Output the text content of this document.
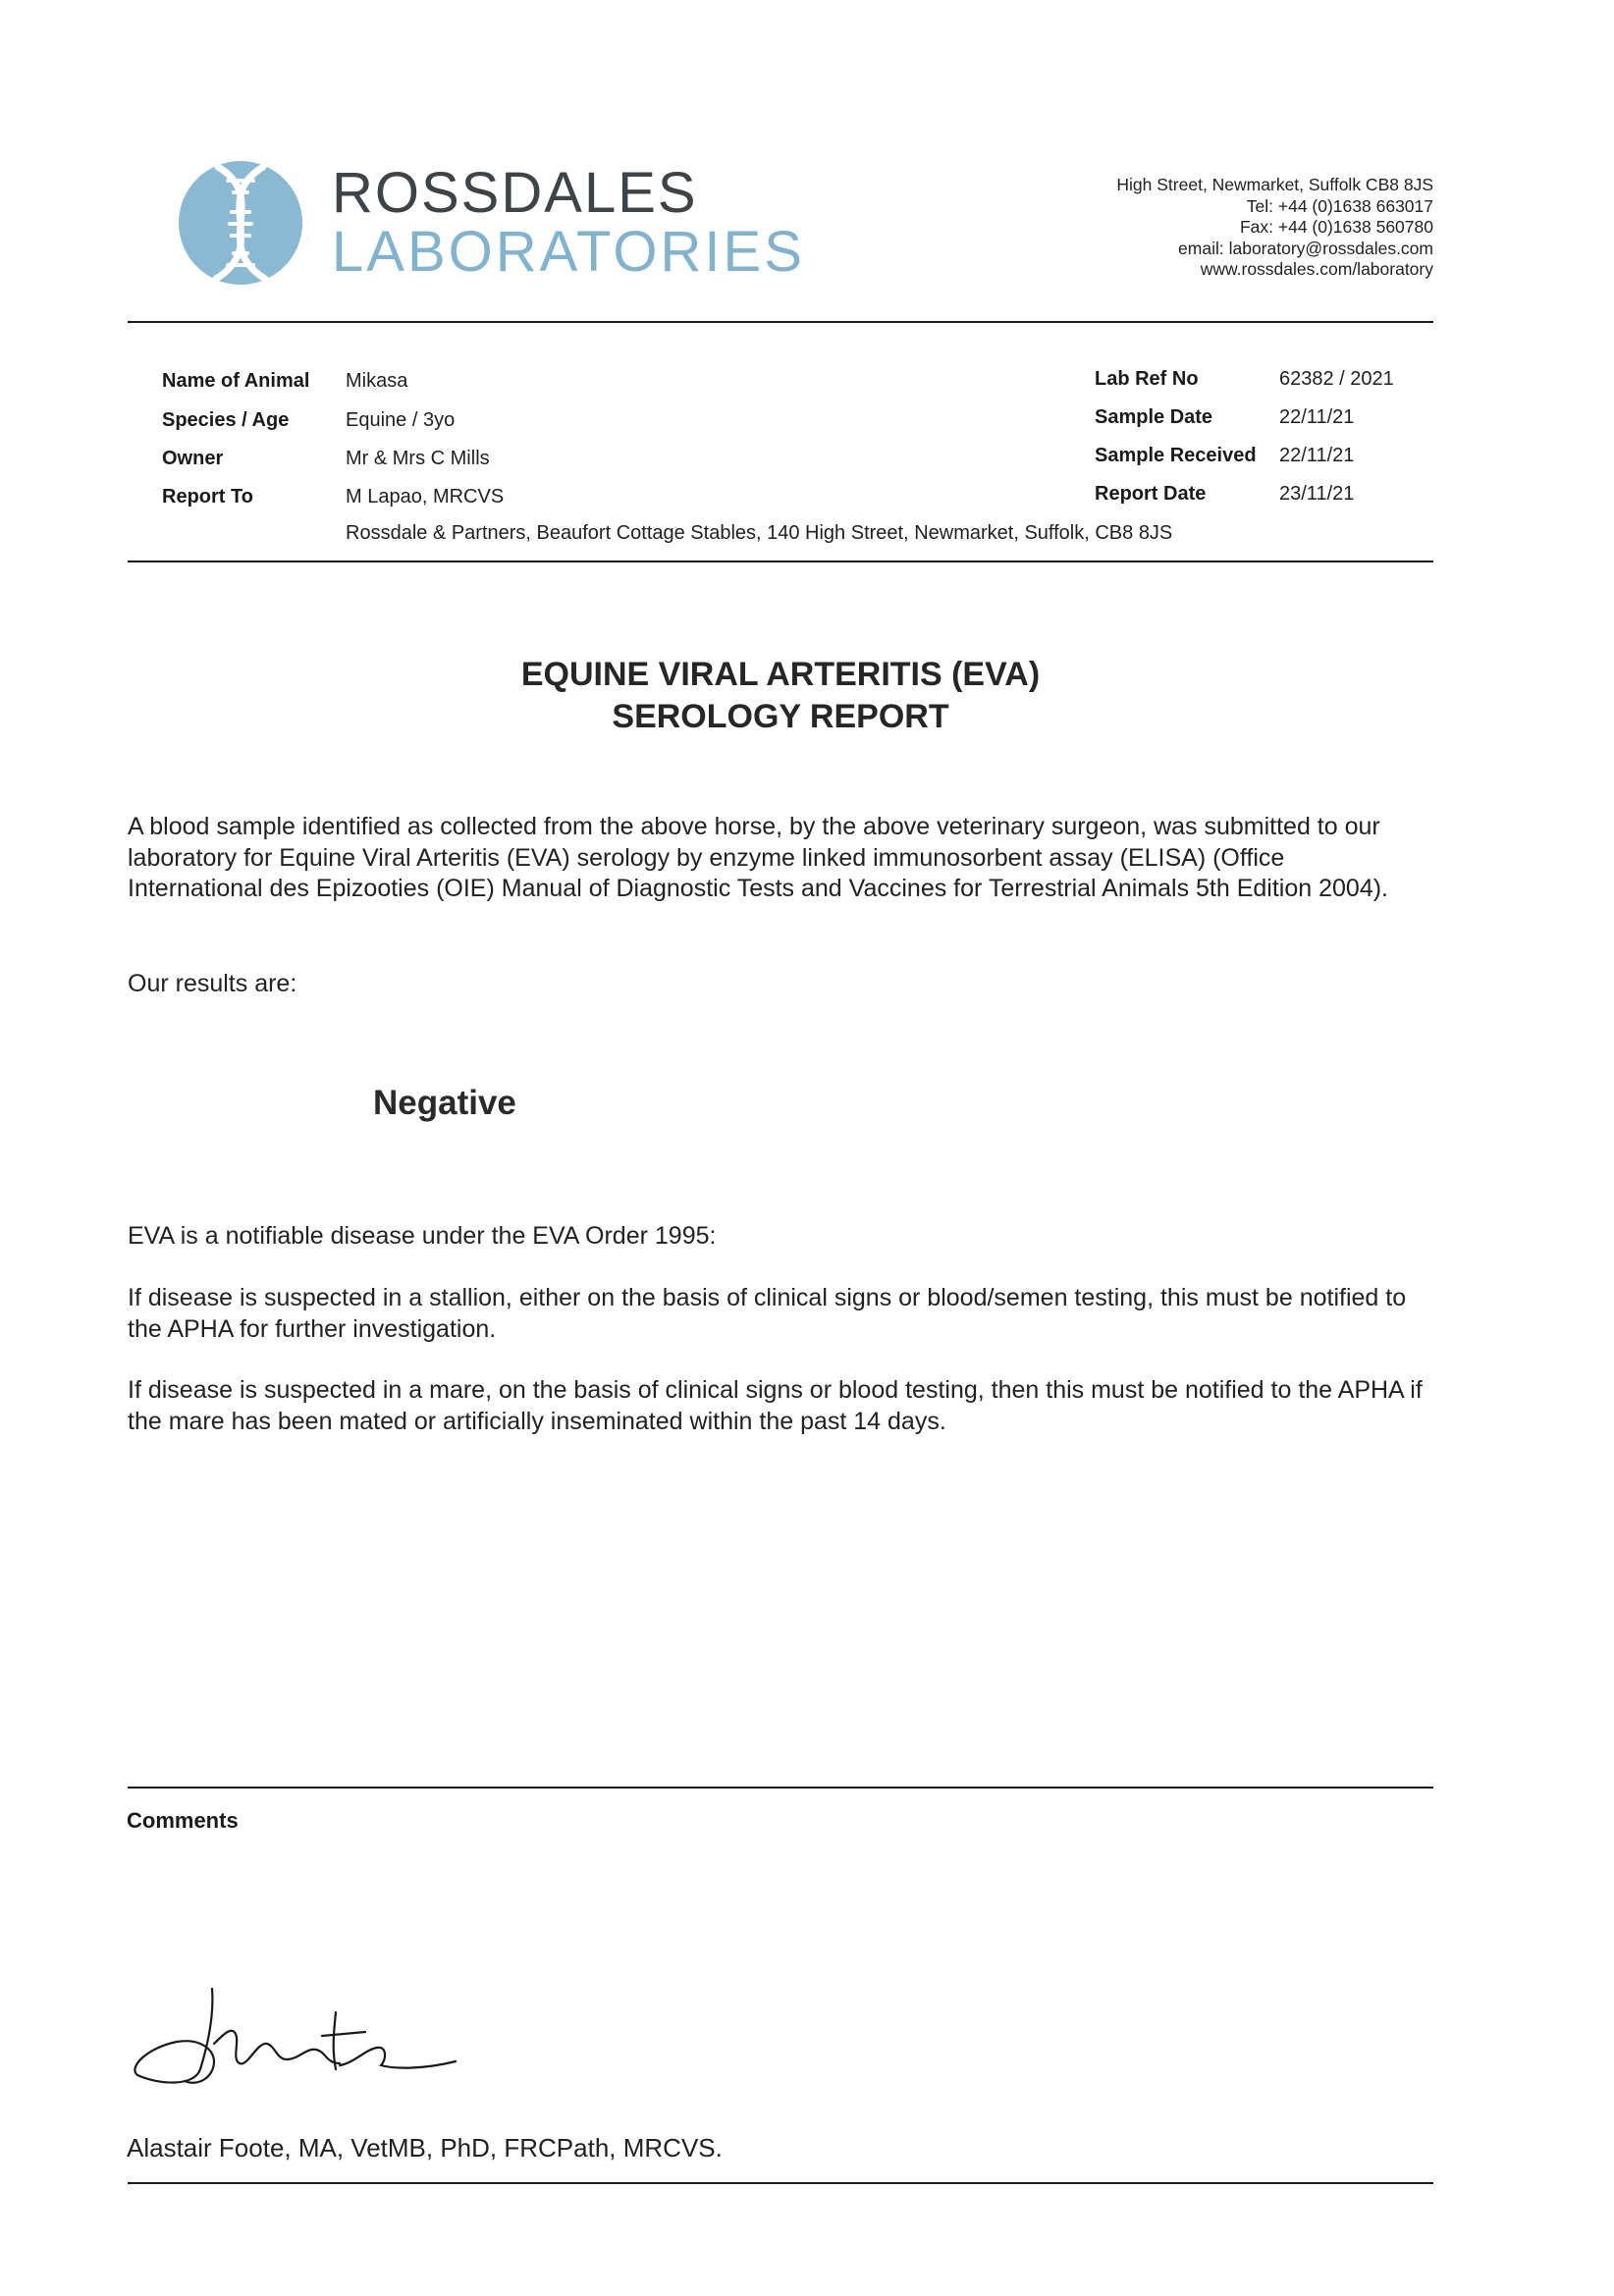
ROSSDALES
LABORATORIES
High Street, Newmarket, Suffolk CB8 8JS
Tel: +44 (0)1638 663017
Fax: +44 (0)1638 560780
email: laboratory@rossdales.com
www.rossdales.com/laboratory
Name of Animal Mikasa
Species / Age	Equine / 3yo
Owner	Mr & Mrs C Mills
Report To	M Lapao, MRCVS
Rossdale & Partners, Beaufort Cottage Stables, 140 High Street, Newmarket, Suffolk, CB8 8JS
Lab Ref No	62382 / 2021
Sample Date	22/11/21
Sample Received 22/11/21
Report Date	23/11/21
EQUINE VIRAL ARTERITIS (EVA)
SEROLOGY REPORT
A blood sample identified as collected from the above horse, by the above veterinary surgeon, was submitted to our laboratory for Equine Viral Arteritis (EVA) serology by enzyme linked immunosorbent assay (ELISA) (Office International des Epizooties (OIE) Manual of Diagnostic Tests and Vaccines for Terrestrial Animals 5th Edition 2004).
Our results are:
Negative
EVA is a notifiable disease under the EVA Order 1995:
If disease is suspected in a stallion, either on the basis of clinical signs or blood/semen testing, this must be notified to the APHA for further investigation.
If disease is suspected in a mare, on the basis of clinical signs or blood testing, then this must be notified to the APHA if the mare has been mated or artificially inseminated within the past 14 days.
Comments
Alastair Foote, MA, VetMB, PhD, FRCPath, MRCVS.
